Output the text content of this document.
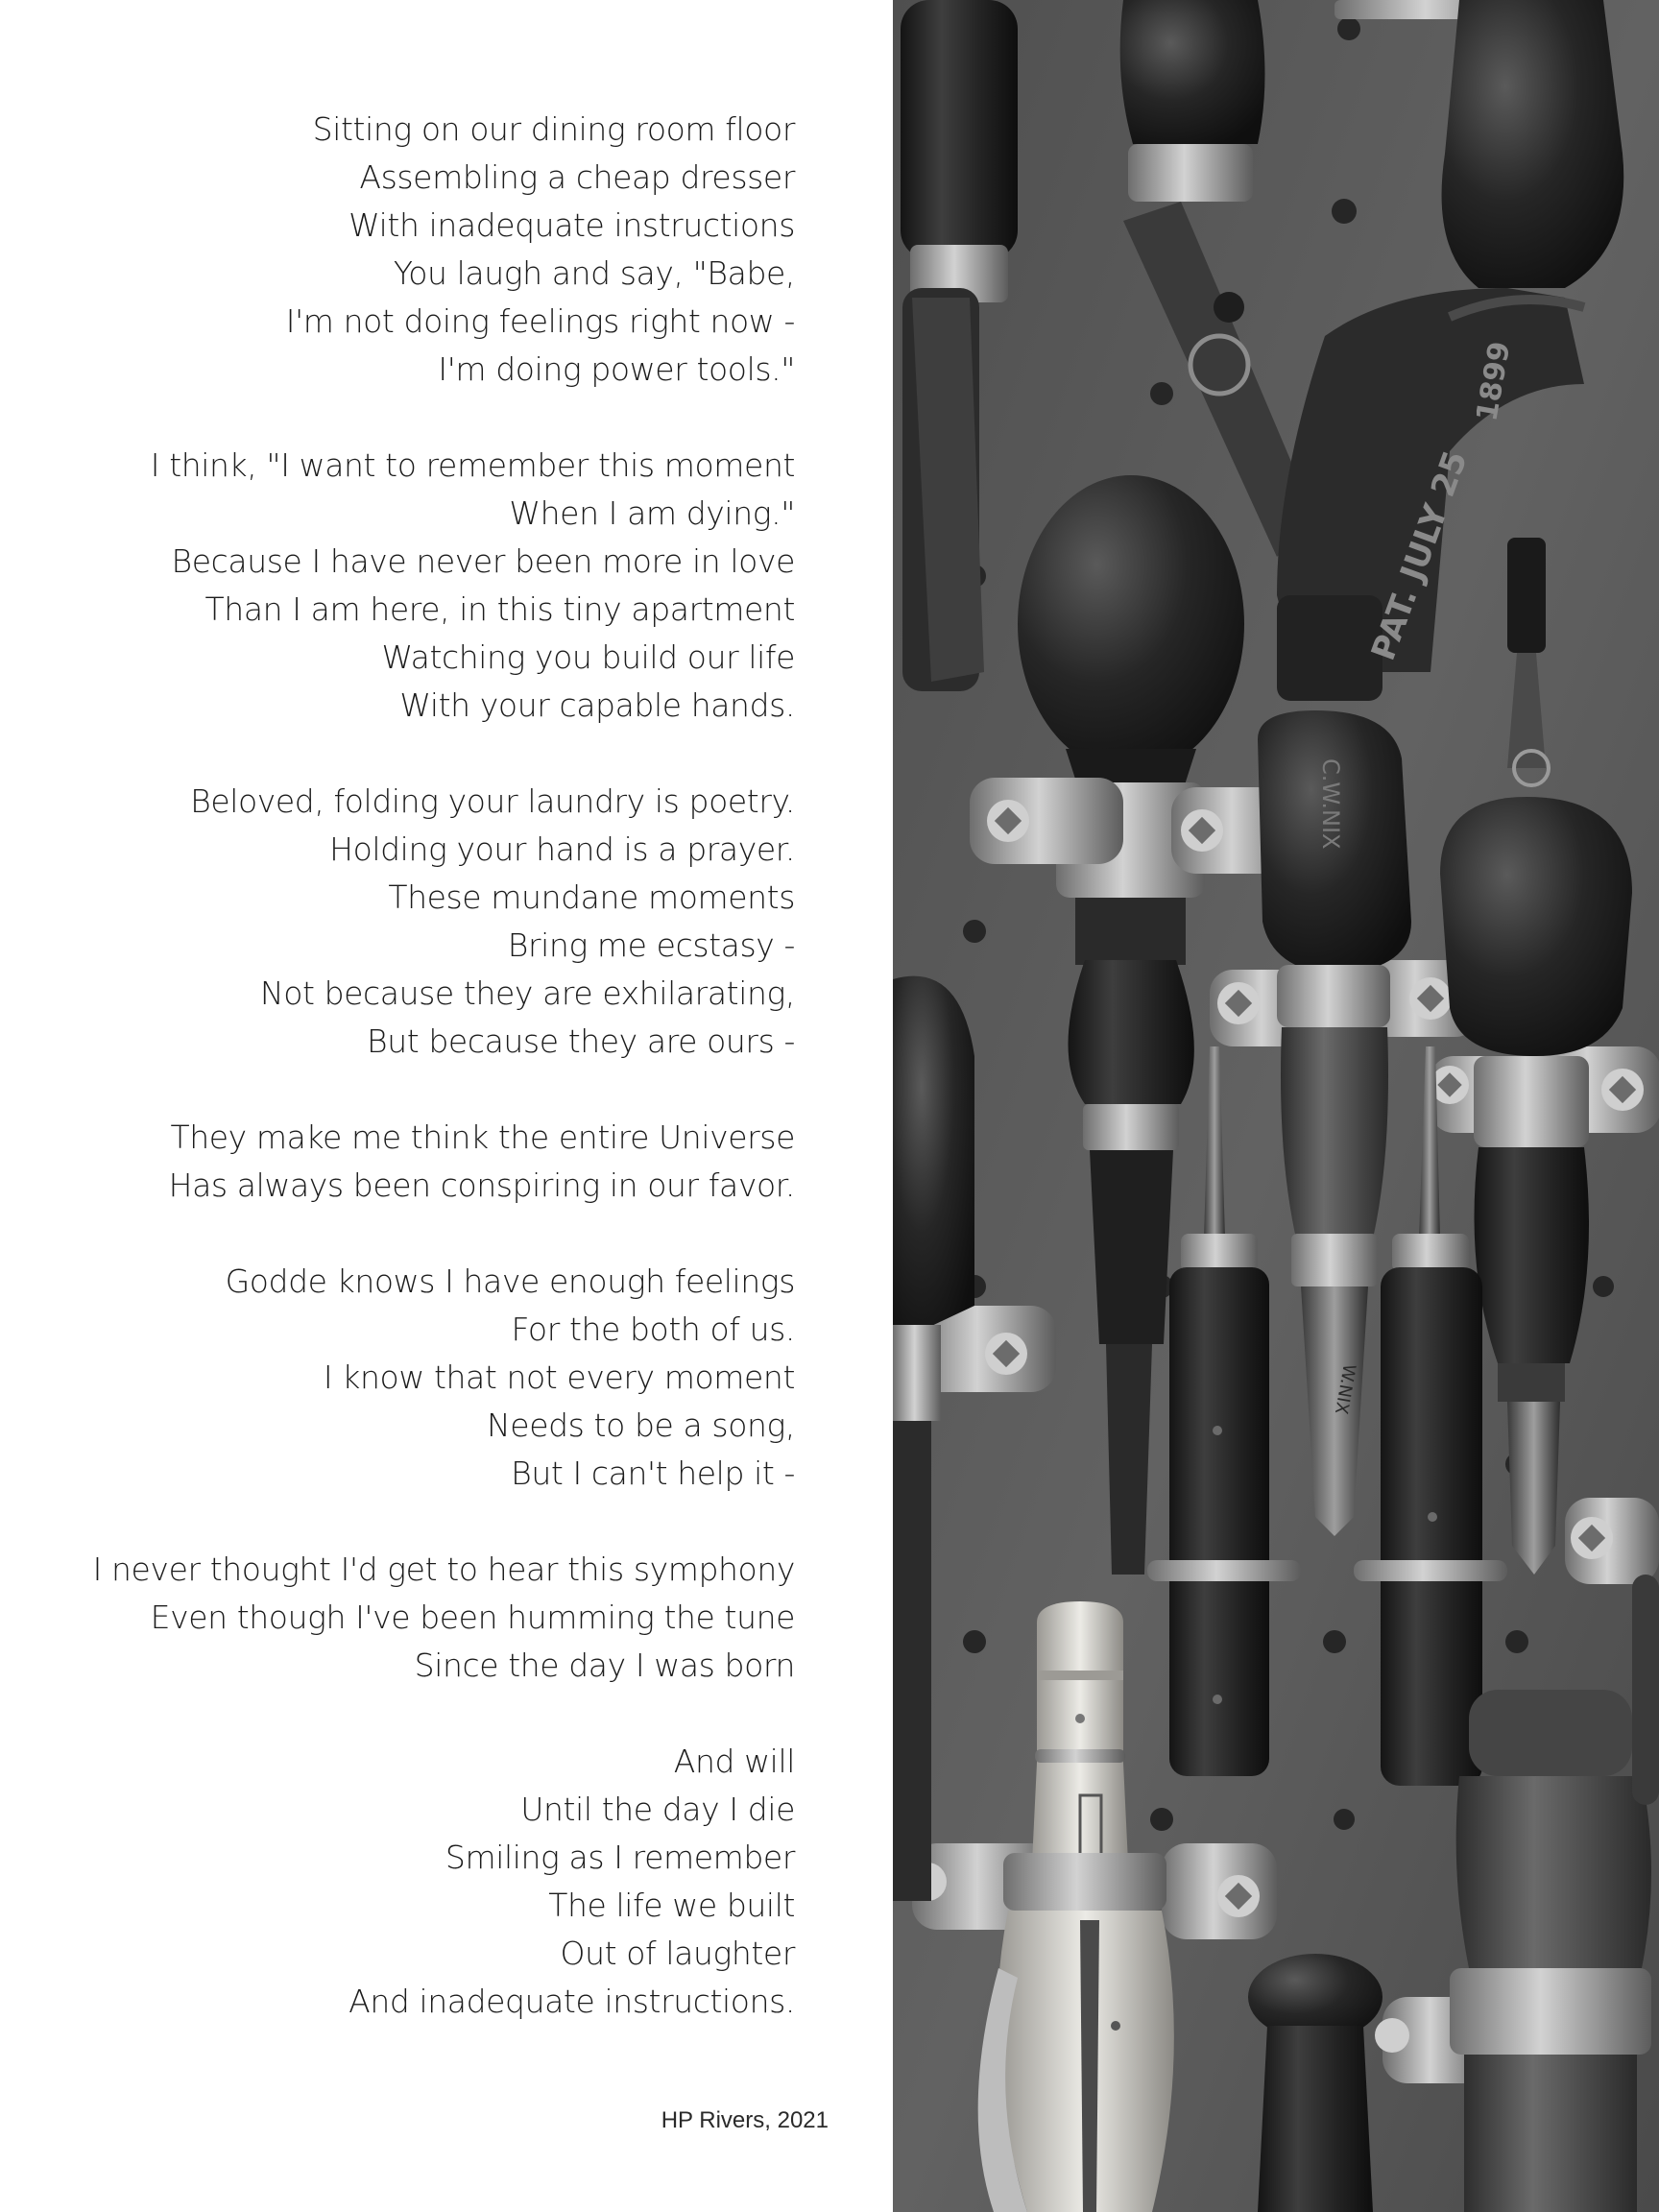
Sitting on our dining room floor
Assembling a cheap dresser
With inadequate instructions
You laugh and say, "Babe,
I'm not doing feelings right now -
I'm doing power tools."
I think, "I want to remember this moment
When I am dying."
Because I have never been more in love
Than I am here, in this tiny apartment
Watching you build our life
With your capable hands.
Beloved, folding your laundry is poetry.
Holding your hand is a prayer.
These mundane moments
Bring me ecstasy -
Not because they are exhilarating,
But because they are ours -
They make me think the entire Universe
Has always been conspiring in our favor.
Godde knows I have enough feelings
For the both of us.
I know that not every moment
Needs to be a song,
But I can't help it -
I never thought I'd get to hear this symphony
Even though I've been humming the tune
Since the day I was born
And will
Until the day I die
Smiling as I remember
The life we built
Out of laughter
And inadequate instructions.
HP Rivers, 2021
PAT. JULY 25
1899
C.W.NIX
W.NIX
